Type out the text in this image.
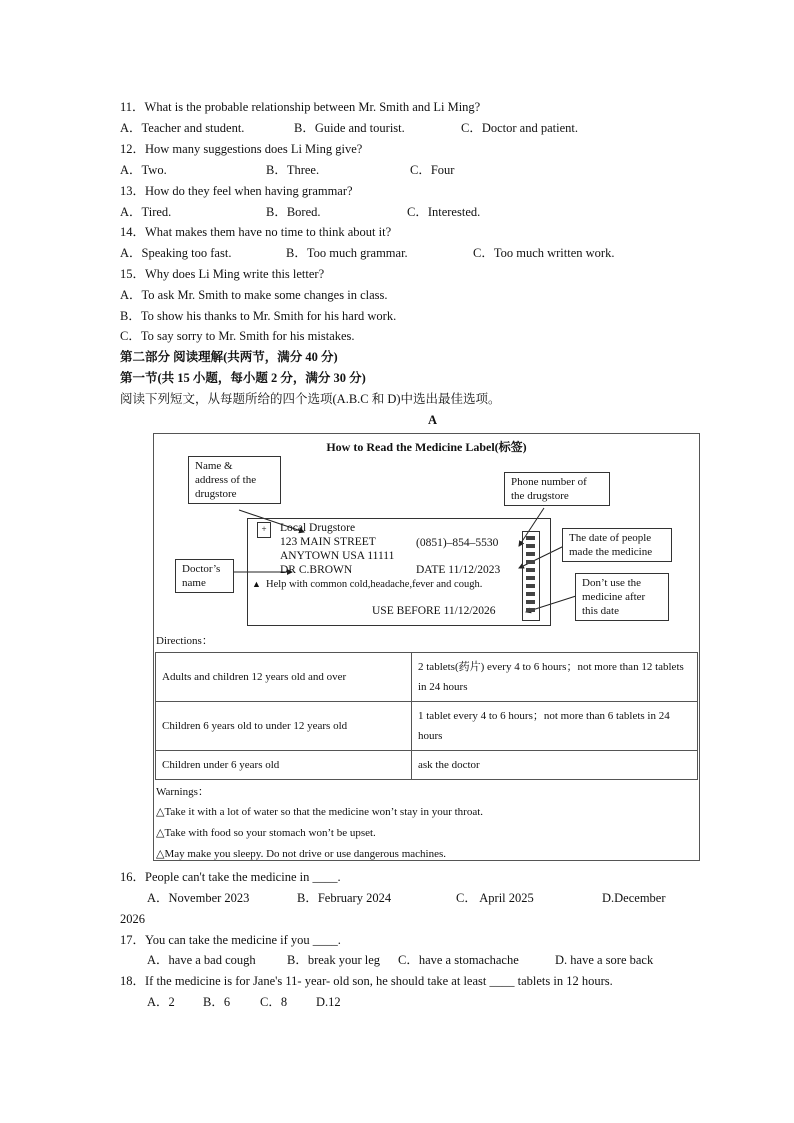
11．What is the probable relationship between Mr. Smith and Li Ming?
A．Teacher and student.	B．Guide and tourist.	C．Doctor and patient.
12．How many suggestions does Li Ming give?
A．Two.	B．Three.	C．Four
13．How do they feel when having grammar?
A．Tired.	B．Bored.	C．Interested.
14．What makes them have no time to think about it?
A．Speaking too fast.	B．Too much grammar.	C．Too much written work.
15．Why does Li Ming write this letter?
A．To ask Mr. Smith to make some changes in class.
B．To show his thanks to Mr. Smith for his hard work.
C．To say sorry to Mr. Smith for his mistakes.
第二部分 阅读理解(共两节，满分 40 分)
第一节(共 15 小题，每小题 2 分，满分 30 分)
阅读下列短文，从每题所给的四个选项(A.B.C 和 D)中选出最佳选项。
A
How to Read the Medicine Label(标签)
Name &
address of the
drugstore
Phone number of
the drugstore
The date of people
made the medicine
Doctor’s
name	Don’t use the
medicine after
this date
+	Local Drugstore
123 MAIN STREET
ANYTOWN USA 11111
DR C.BROWN
(0851)–854–5530
DATE 11/12/2023
▲ Help with common cold,headache,fever and cough.
USE BEFORE 11/12/2026
Directions：
Adults and children 12 years old and over	2 tablets(药片) every 4 to 6 hours；not more than 12 tablets in 24 hours
Children 6 years old to under 12 years old	1 tablet every 4 to 6 hours；not more than 6 tablets in 24 hours
Children under 6 years old	ask the doctor
Warnings：
△Take it with a lot of water so that the medicine won’t stay in your throat.
△Take with food so your stomach won’t be upset.
△May make you sleepy. Do not drive or use dangerous machines.
16．People can't take the medicine in ____.
A．November 2023	B．February 2024	C． April 2025	D.December
2026
17．You can take the medicine if you ____.
A．have a bad cough	B．break your leg C．have a stomachache	D. have a sore back
18．If the medicine is for Jane's 11- year- old son, he should take at least ____ tablets in 12 hours.
A．2 B．6 C．8 D.12
